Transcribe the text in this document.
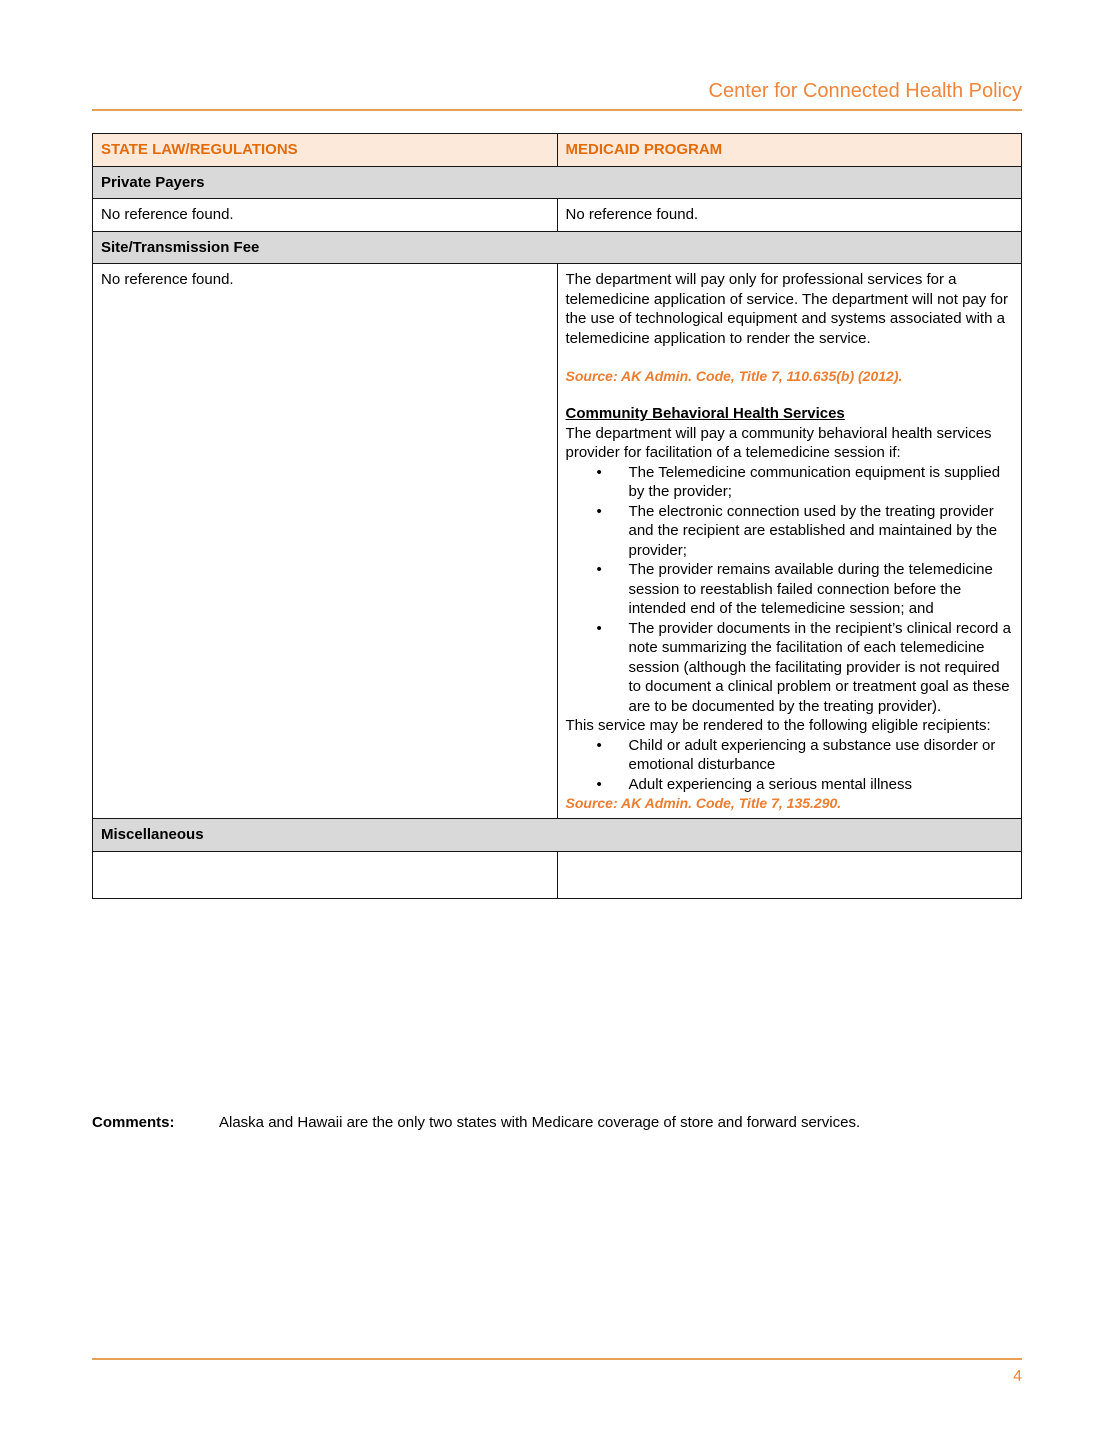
Center for Connected Health Policy
STATE LAW/REGULATIONS	MEDICAID PROGRAM
Private Payers	
No reference found.	No reference found.
Site/Transmission Fee	
No reference found.	The department will pay only for professional services for a telemedicine application of service. The department will not pay for the use of technological equipment and systems associated with a telemedicine application to render the service.

Source: AK Admin. Code, Title 7, 110.635(b) (2012).

Community Behavioral Health Services

The department will pay a community behavioral health services provider for facilitation of a telemedicine session if:

• The Telemedicine communication equipment is supplied by the provider;
• The electronic connection used by the treating provider and the recipient are established and maintained by the provider;
• The provider remains available during the telemedicine session to reestablish failed connection before the intended end of the telemedicine session; and
• The provider documents in the recipient’s clinical record a note summarizing the facilitation of each telemedicine session (although the facilitating provider is not required to document a clinical problem or treatment goal as these are to be documented by the treating provider).

This service may be rendered to the following eligible recipients:

• Child or adult experiencing a substance use disorder or emotional disturbance
• Adult experiencing a serious mental illness

Source: AK Admin. Code, Title 7, 135.290.

Miscellaneous	

Comments:	Alaska and Hawaii are the only two states with Medicare coverage of store and forward services.
4
